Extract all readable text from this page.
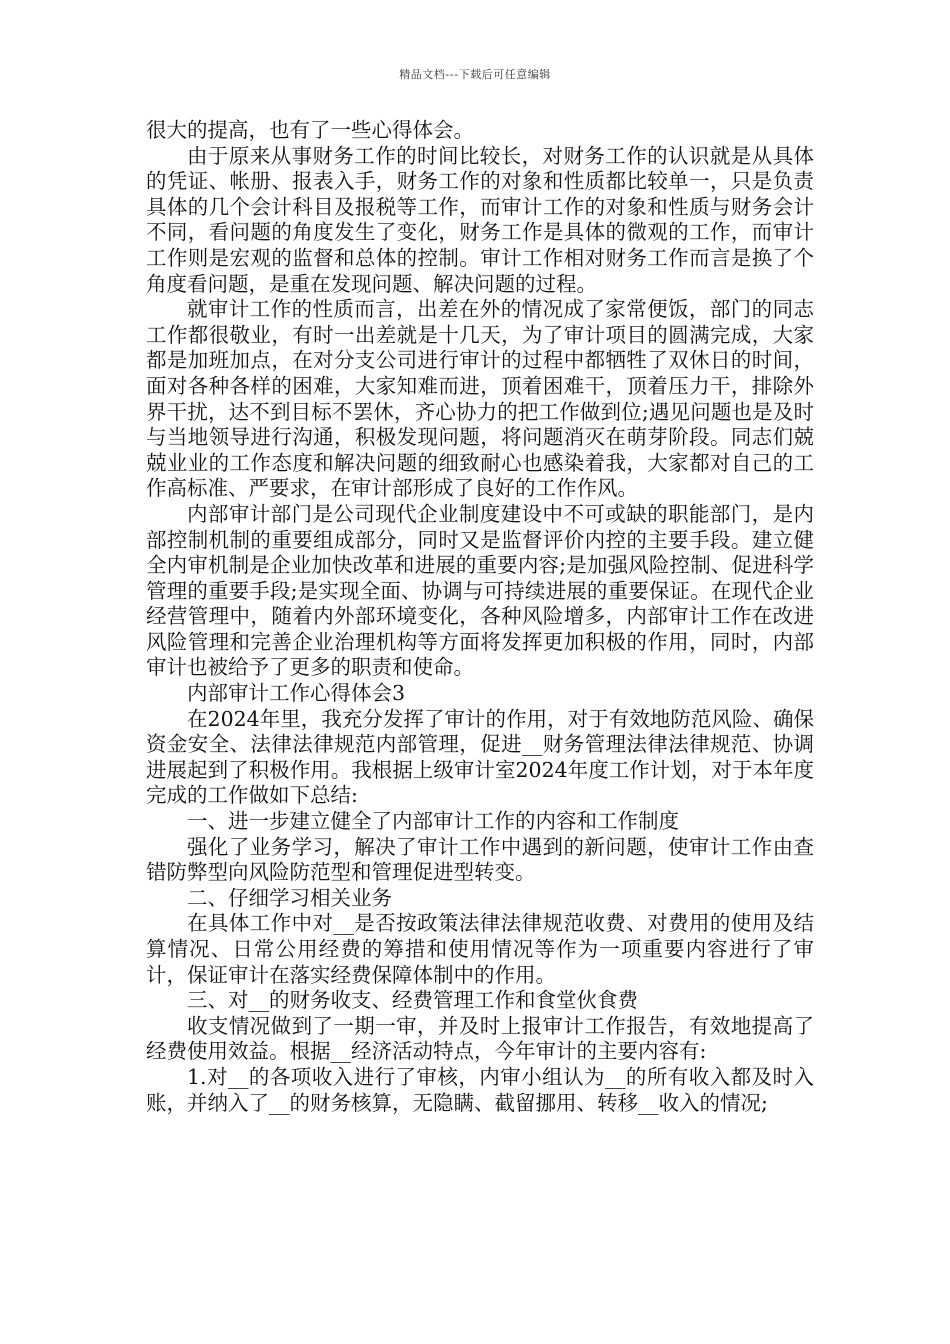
精品文档---下载后可任意编辑

很大的提高，也有了一些心得体会。

由于原来从事财务工作的时间比较长，对财务工作的认识就是从具体的凭证、帐册、报表入手，财务工作的对象和性质都比较单一，只是负责具体的几个会计科目及报税等工作，而审计工作的对象和性质与财务会计不同，看问题的角度发生了变化，财务工作是具体的微观的工作，而审计工作则是宏观的监督和总体的控制。审计工作相对财务工作而言是换了个角度看问题，是重在发现问题、解决问题的过程。

就审计工作的性质而言，出差在外的情况成了家常便饭，部门的同志工作都很敬业，有时一出差就是十几天，为了审计项目的圆满完成，大家都是加班加点，在对分支公司进行审计的过程中都牺牲了双休日的时间，面对各种各样的困难，大家知难而进，顶着困难干，顶着压力干，排除外界干扰，达不到目标不罢休，齐心协力的把工作做到位;遇见问题也是及时与当地领导进行沟通，积极发现问题，将问题消灭在萌芽阶段。同志们兢兢业业的工作态度和解决问题的细致耐心也感染着我，大家都对自己的工作高标准、严要求，在审计部形成了良好的工作作风。

内部审计部门是公司现代企业制度建设中不可或缺的职能部门，是内部控制机制的重要组成部分，同时又是监督评价内控的主要手段。建立健全内审机制是企业加快改革和进展的重要内容;是加强风险控制、促进科学管理的重要手段;是实现全面、协调与可持续进展的重要保证。在现代企业经营管理中，随着内外部环境变化，各种风险增多，内部审计工作在改进风险管理和完善企业治理机构等方面将发挥更加积极的作用，同时，内部审计也被给予了更多的职责和使命。

内部审计工作心得体会3

在2024年里，我充分发挥了审计的作用，对于有效地防范风险、确保资金安全、法律法律规范内部管理，促进__财务管理法律法律规范、协调进展起到了积极作用。我根据上级审计室2024年度工作计划，对于本年度完成的工作做如下总结:

一、进一步建立健全了内部审计工作的内容和工作制度

强化了业务学习，解决了审计工作中遇到的新问题，使审计工作由查错防弊型向风险防范型和管理促进型转变。

二、仔细学习相关业务

在具体工作中对__是否按政策法律法律规范收费、对费用的使用及结算情况、日常公用经费的筹措和使用情况等作为一项重要内容进行了审计，保证审计在落实经费保障体制中的作用。

三、对__的财务收支、经费管理工作和食堂伙食费

收支情况做到了一期一审，并及时上报审计工作报告，有效地提高了经费使用效益。根据__经济活动特点，今年审计的主要内容有:

1.对__的各项收入进行了审核，内审小组认为__的所有收入都及时入账，并纳入了__的财务核算，无隐瞒、截留挪用、转移__收入的情况;
